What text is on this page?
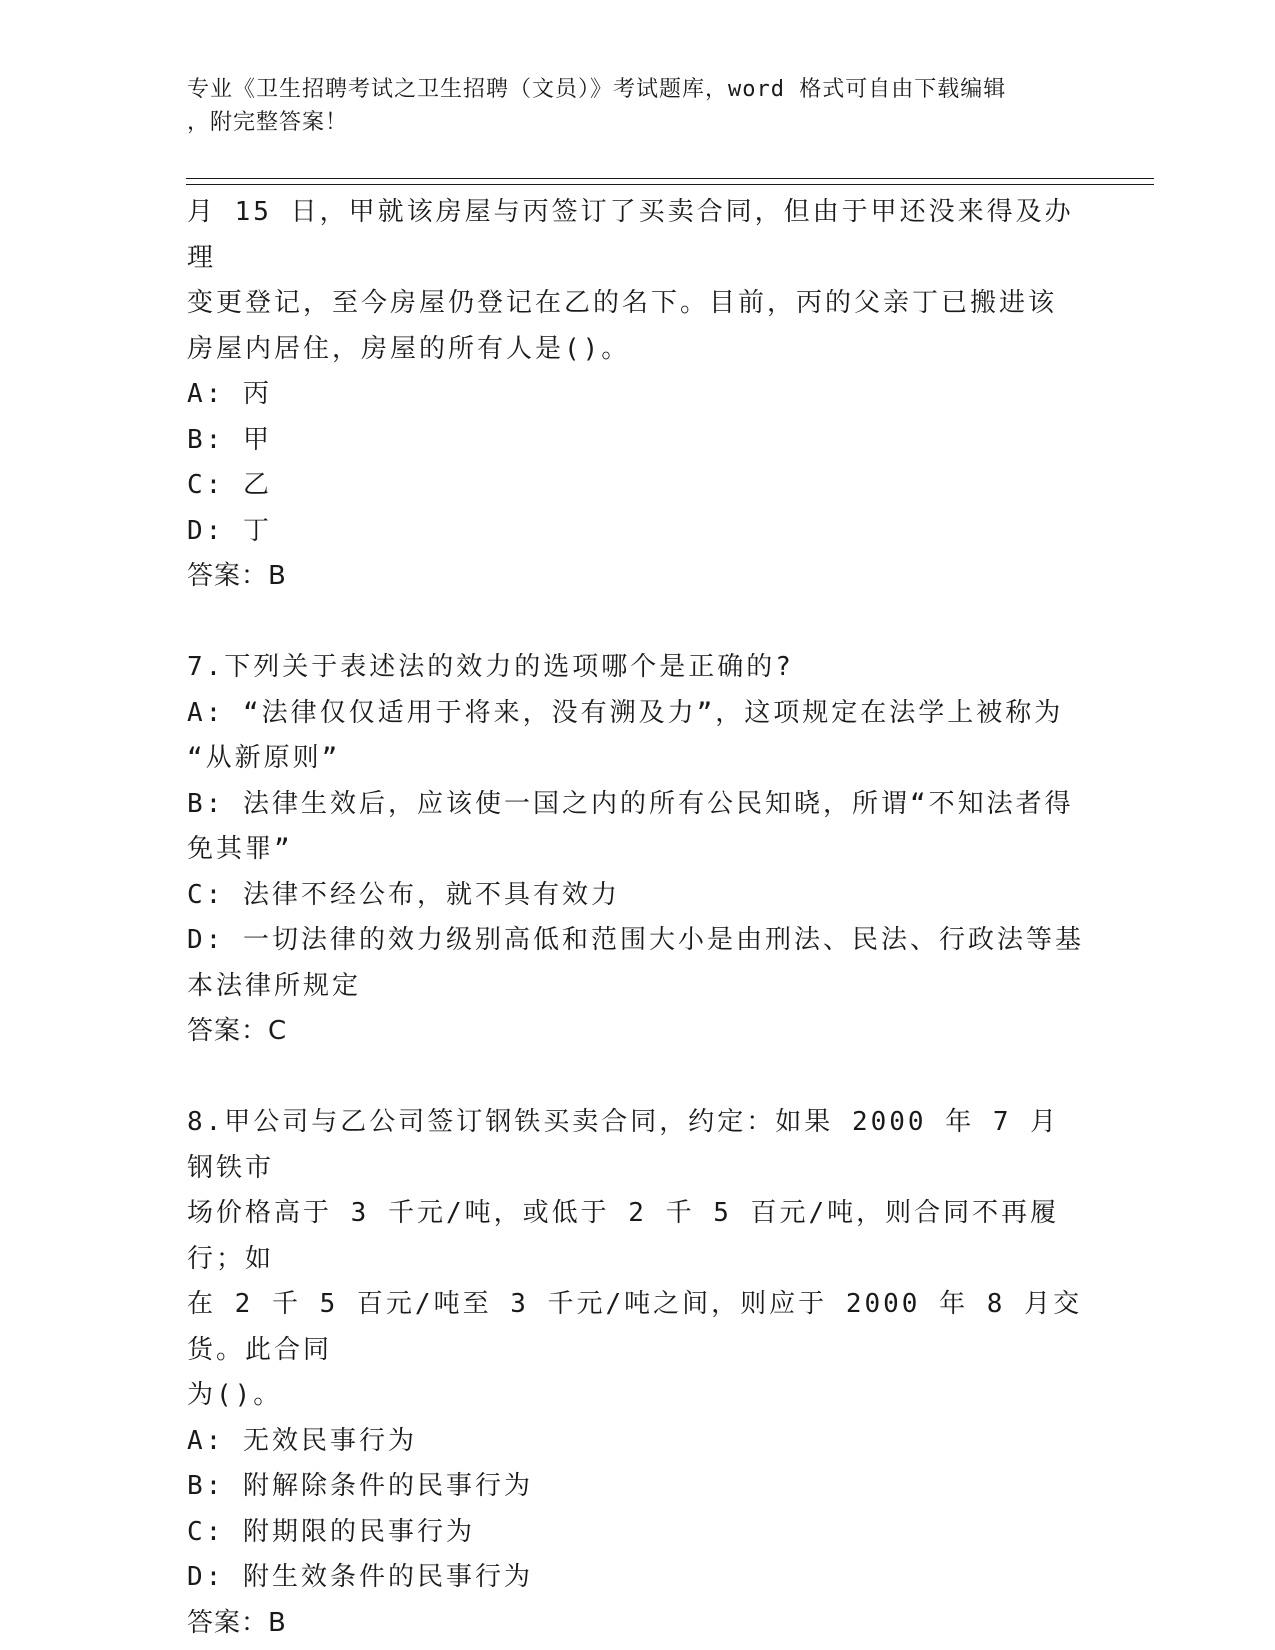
专业《卫生招聘考试之卫生招聘（文员）》考试题库，word 格式可自由下载编辑
，附完整答案！

月 15 日，甲就该房屋与丙签订了买卖合同，但由于甲还没来得及办理

变更登记，至今房屋仍登记在乙的名下。目前，丙的父亲丁已搬进该

房屋内居住，房屋的所有人是()。

A: 丙

B: 甲

C: 乙

D: 丁

答案：B

7.下列关于表述法的效力的选项哪个是正确的?

A: “法律仅仅适用于将来，没有溯及力”，这项规定在法学上被称为

“从新原则”

B: 法律生效后，应该使一国之内的所有公民知晓，所谓“不知法者得

免其罪”

C: 法律不经公布，就不具有效力

D: 一切法律的效力级别高低和范围大小是由刑法、民法、行政法等基

本法律所规定

答案：C

8.甲公司与乙公司签订钢铁买卖合同，约定：如果 2000 年 7 月钢铁市

场价格高于 3 千元/吨，或低于 2 千 5 百元/吨，则合同不再履行；如

在 2 千 5 百元/吨至 3 千元/吨之间，则应于 2000 年 8 月交货。此合同

为()。

A: 无效民事行为

B: 附解除条件的民事行为

C: 附期限的民事行为

D: 附生效条件的民事行为

答案：B
